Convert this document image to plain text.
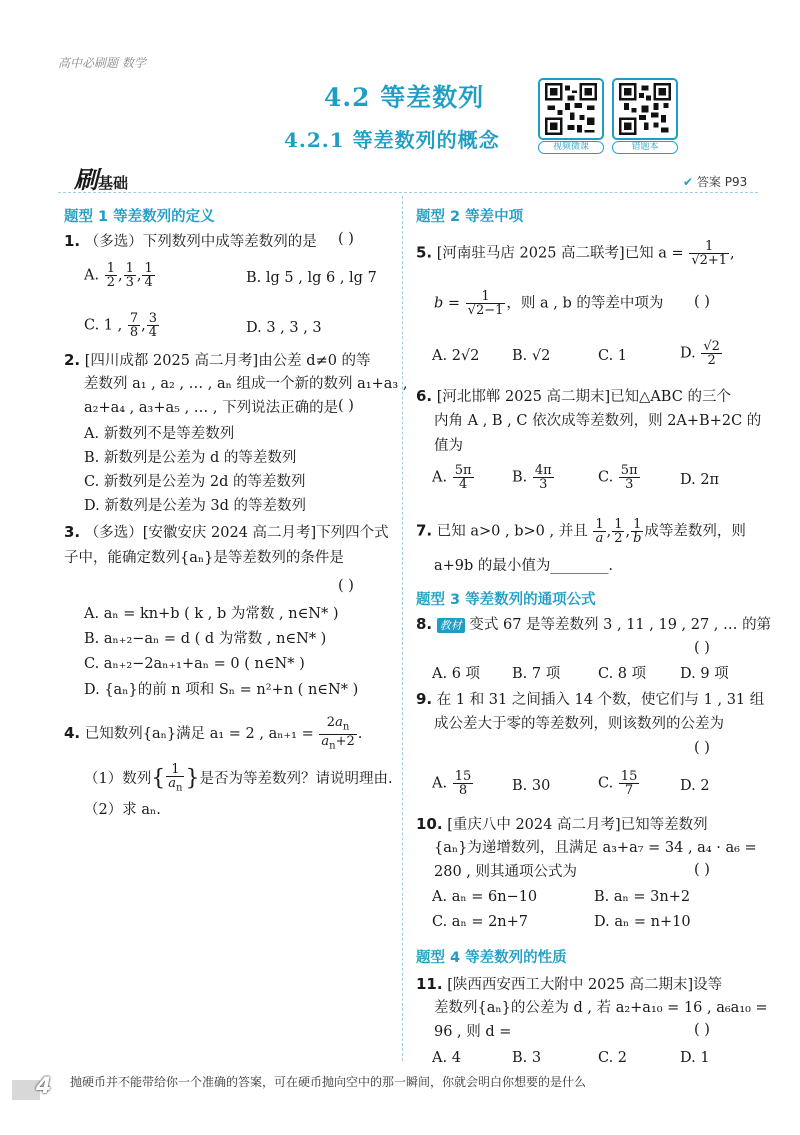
高中必刷题 数学
4.2 等差数列
4.2.1 等差数列的概念	视频微课	错题本
刷基础	✔ 答案 P93
题型 1 等差数列的定义
1. （多选）下列数列中成等差数列的是 ( )
A. $\frac{1}{2}$ , $\frac{1}{3}$ , $\frac{1}{4}$	B. lg 5 , lg 6 , lg 7
C. 1 , $\frac{7}{8}$ , $\frac{3}{4}$	D. 3 , 3 , 3
2. [四川成都 2025 高二月考]由公差 d≠0 的等
差数列 a₁ , a₂ , … , aₙ 组成一个新的数列 a₁+a₃ ,
a₂+a₄ , a₃+a₅ , … , 下列说法正确的是 ( )
A. 新数列不是等差数列
B. 新数列是公差为 d 的等差数列
C. 新数列是公差为 2d 的等差数列
D. 新数列是公差为 3d 的等差数列
3. （多选）[安徽安庆 2024 高二月考]下列四个式
子中，能确定数列{aₙ}是等差数列的条件是
( )
A. aₙ = kn+b ( k , b 为常数 , n∈N* )
B. aₙ₊₂−aₙ = d ( d 为常数 , n∈N* )
C. aₙ₊₂−2aₙ₊₁+aₙ = 0 ( n∈N* )
D. {aₙ}的前 n 项和 Sₙ = n²+n ( n∈N* )
4. 已知数列{aₙ}满足 a₁ = 2 , $a_{n+1} = \frac{2a_n}{a_n+2}$ .
（1）数列{ $\frac{1}{a_n}$ }是否为等差数列？请说明理由.
（2）求 aₙ.
题型 2 等差中项
5. [河南驻马店 2025 高二联考]已知 $a = \frac{1}{√2+1}$ ,
$b = \frac{1}{√2-1}$ ，则 a , b 的等差中项为 ( )
A. 2√2 B. √2	C. 1	D. $\frac{√2}{2}$
6. [河北邯郸 2025 高二期末]已知△ABC 的三个
内角 A , B , C 依次成等差数列，则 2A+B+2C 的
值为
A. $\frac{5\pi}{4}$	B. $\frac{4\pi}{3}$	C. $\frac{5\pi}{3}$	D. 2π
7. 已知 a>0 , b>0 , 并且 $\frac{1}{a}$ , $\frac{1}{2}$ , $\frac{1}{b}$ 成等差数列，则
a+9b 的最小值为________.
题型 3 等差数列的通项公式
8. 教材 变式 67 是等差数列 3 , 11 , 19 , 27 , … 的第
( )
A. 6 项 B. 7 项	C. 8 项 D. 9 项
9. 在 1 和 31 之间插入 14 个数，使它们与 1 , 31 组
成公差大于零的等差数列，则该数列的公差为
( )
A. $\frac{15}{8}$	B. 30	C. $\frac{15}{7}$	D. 2
10. [重庆八中 2024 高二月考]已知等差数列
{aₙ}为递增数列，且满足 a₃+a₇ = 34 , a₄ · a₆ =
280 , 则其通项公式为	( )
A. aₙ = 6n−10	B. aₙ = 3n+2
C. aₙ = 2n+7	D. aₙ = n+10
题型 4 等差数列的性质
11. [陕西西安西工大附中 2025 高二期末]设等
差数列{aₙ}的公差为 d , 若 a₂+a₁₀ = 16 , a₆a₁₀ =
96 , 则 d =	( )
A. 4	B. 3	C. 2	D. 1
4	抛硬币并不能带给你一个准确的答案，可在硬币抛向空中的那一瞬间，你就会明白你想要的是什么
